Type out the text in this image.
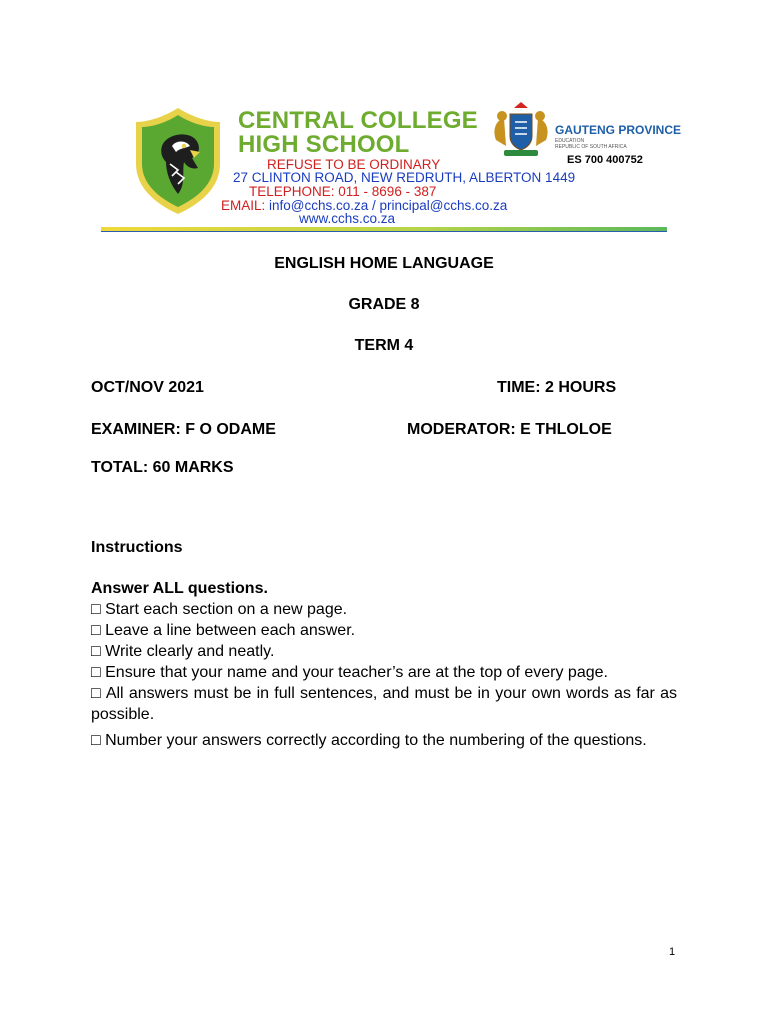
CENTRAL COLLEGE
HIGH SCHOOL
REFUSE TO BE ORDINARY
27 CLINTON ROAD, NEW REDRUTH, ALBERTON 1449
TELEPHONE: 011 - 8696 - 387
EMAIL: info@cchs.co.za / principal@cchs.co.za
www.cchs.co.za
GAUTENG PROVINCE
EDUCATION
REPUBLIC OF SOUTH AFRICA
ES 700 400752
ENGLISH HOME LANGUAGE
GRADE 8
TERM 4
OCT/NOV 2021	TIME: 2 HOURS
EXAMINER: F O ODAME	MODERATOR: E THLOLOE
TOTAL: 60 MARKS
Instructions
Answer ALL questions.
□ Start each section on a new page.
□ Leave a line between each answer.
□ Write clearly and neatly.
□ Ensure that your name and your teacher’s are at the top of every page.
□ All answers must be in full sentences, and must be in your own words as far as possible.
□ Number your answers correctly according to the numbering of the questions.
1
